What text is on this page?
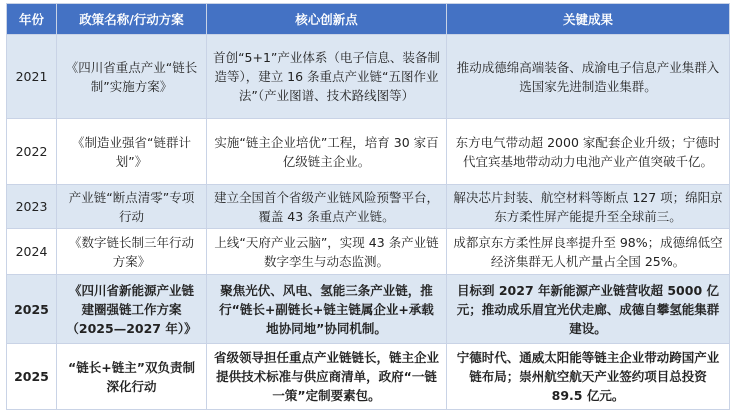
年份	政策名称/行动方案	核心创新点	关键成果
2021	《四川省重点产业“链长制”实施方案》	首创“5+1”产业体系（电子信息、装备制造等），建立 16 条重点产业链“五图作业法”（产业图谱、技术路线图等）	推动成德绵高端装备、成渝电子信息产业集群入选国家先进制造业集群。
2022	《制造业强省“链群计划”》	实施“链主企业培优”工程，培育 30 家百亿级链主企业。	东方电气带动超 2000 家配套企业升级；宁德时代宜宾基地带动动力电池产业产值突破千亿。
2023	产业链“断点清零”专项行动	建立全国首个省级产业链风险预警平台，覆盖 43 条重点产业链。	解决芯片封装、航空材料等断点 127 项；绵阳京东方柔性屏产能提升至全球前三。
2024	《数字链长制三年行动方案》	上线“天府产业云脑”，实现 43 条产业链数字孪生与动态监测。	成都京东方柔性屏良率提升至 98%；成德绵低空经济集群无人机产量占全国 25%。
2025	《四川省新能源产业链建圈强链工作方案（2025—2027 年）》	聚焦光伏、风电、氢能三条产业链，推行“链长+副链长+链主链属企业+承载地协同地”协同机制。	目标到 2027 年新能源产业链营收超 5000 亿元；推动成乐眉宜光伏走廊、成德自攀氢能集群建设。
2025	“链长+链主”双负责制深化行动	省级领导担任重点产业链链长，链主企业提供技术标准与供应商清单，政府“一链一策”定制要素包。	宁德时代、通威太阳能等链主企业带动跨国产业链布局；崇州航空航天产业签约项目总投资 89.5 亿元。
